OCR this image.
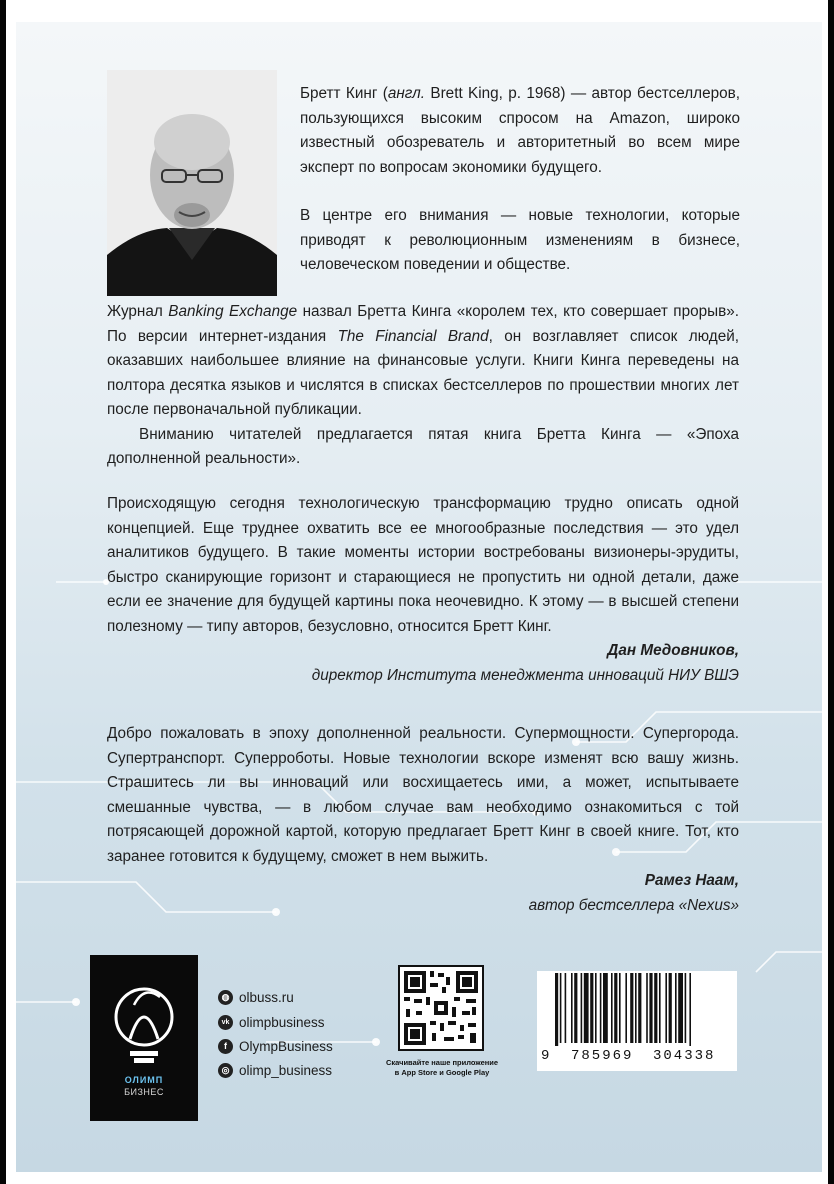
Бретт Кинг (англ. Brett King, р. 1968) — автор бестселлеров, пользующихся высоким спросом на Amazon, широко известный обозреватель и авторитетный во всем мире эксперт по вопросам экономики будущего.

В центре его внимания — новые технологии, которые приводят к революционным изменениям в бизнесе, человеческом поведении и обществе.

Журнал Banking Exchange назвал Бретта Кинга «королем тех, кто совершает прорыв». По версии интернет-издания The Financial Brand, он возглавляет список людей, оказавших наибольшее влияние на финансовые услуги. Книги Кинга переведены на полтора десятка языков и числятся в списках бестселлеров по прошествии многих лет после первоначальной публикации.

Вниманию читателей предлагается пятая книга Бретта Кинга — «Эпоха дополненной реальности».

Происходящую сегодня технологическую трансформацию трудно описать одной концепцией. Еще труднее охватить все ее многообразные последствия — это удел аналитиков будущего. В такие моменты истории востребованы визионеры-эрудиты, быстро сканирующие горизонт и старающиеся не пропустить ни одной детали, даже если ее значение для будущей картины пока неочевидно. К этому — в высшей степени полезному — типу авторов, безусловно, относится Бретт Кинг.

Дан Медовников,

директор Института менеджмента инноваций НИУ ВШЭ

Добро пожаловать в эпоху дополненной реальности. Супермощности. Супергорода. Супертранспорт. Суперроботы. Новые технологии вскоре изменят всю вашу жизнь. Страшитесь ли вы инноваций или восхищаетесь ими, а может, испытываете смешанные чувства, — в любом случае вам необходимо ознакомиться с той потрясающей дорожной картой, которую предлагает Бретт Кинг в своей книге. Тот, кто заранее готовится к будущему, сможет в нем выжить.

Рамез Наам,

автор бестселлера «Nexus»

ОЛИМП
БИЗНЕС
◍ olbuss.ru
vk olimpbusiness
f OlympBusiness
◎ olimp_business
Скачивайте наше приложение
в App Store и Google Play
9 785969 304338
